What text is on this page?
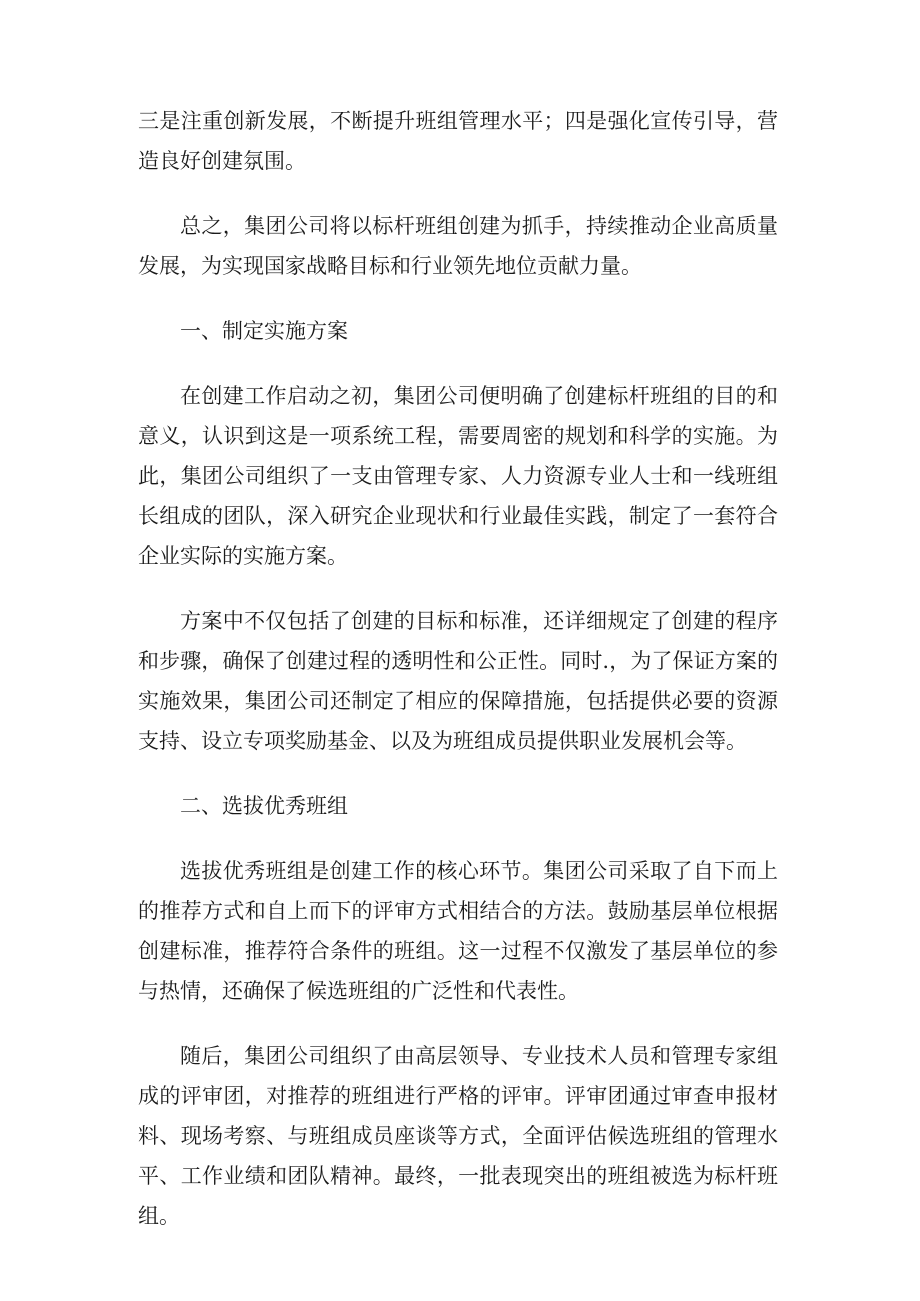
三是注重创新发展，不断提升班组管理水平；四是强化宣传引导，营造良好创建氛围。

总之，集团公司将以标杆班组创建为抓手，持续推动企业高质量发展，为实现国家战略目标和行业领先地位贡献力量。

一、制定实施方案

在创建工作启动之初，集团公司便明确了创建标杆班组的目的和意义，认识到这是一项系统工程，需要周密的规划和科学的实施。为此，集团公司组织了一支由管理专家、人力资源专业人士和一线班组长组成的团队，深入研究企业现状和行业最佳实践，制定了一套符合企业实际的实施方案。

方案中不仅包括了创建的目标和标准，还详细规定了创建的程序和步骤，确保了创建过程的透明性和公正性。同时.，为了保证方案的实施效果，集团公司还制定了相应的保障措施，包括提供必要的资源支持、设立专项奖励基金、以及为班组成员提供职业发展机会等。

二、选拔优秀班组

选拔优秀班组是创建工作的核心环节。集团公司采取了自下而上的推荐方式和自上而下的评审方式相结合的方法。鼓励基层单位根据创建标准，推荐符合条件的班组。这一过程不仅激发了基层单位的参与热情，还确保了候选班组的广泛性和代表性。

随后，集团公司组织了由高层领导、专业技术人员和管理专家组成的评审团，对推荐的班组进行严格的评审。评审团通过审查申报材料、现场考察、与班组成员座谈等方式，全面评估候选班组的管理水平、工作业绩和团队精神。最终，一批表现突出的班组被选为标杆班组。
